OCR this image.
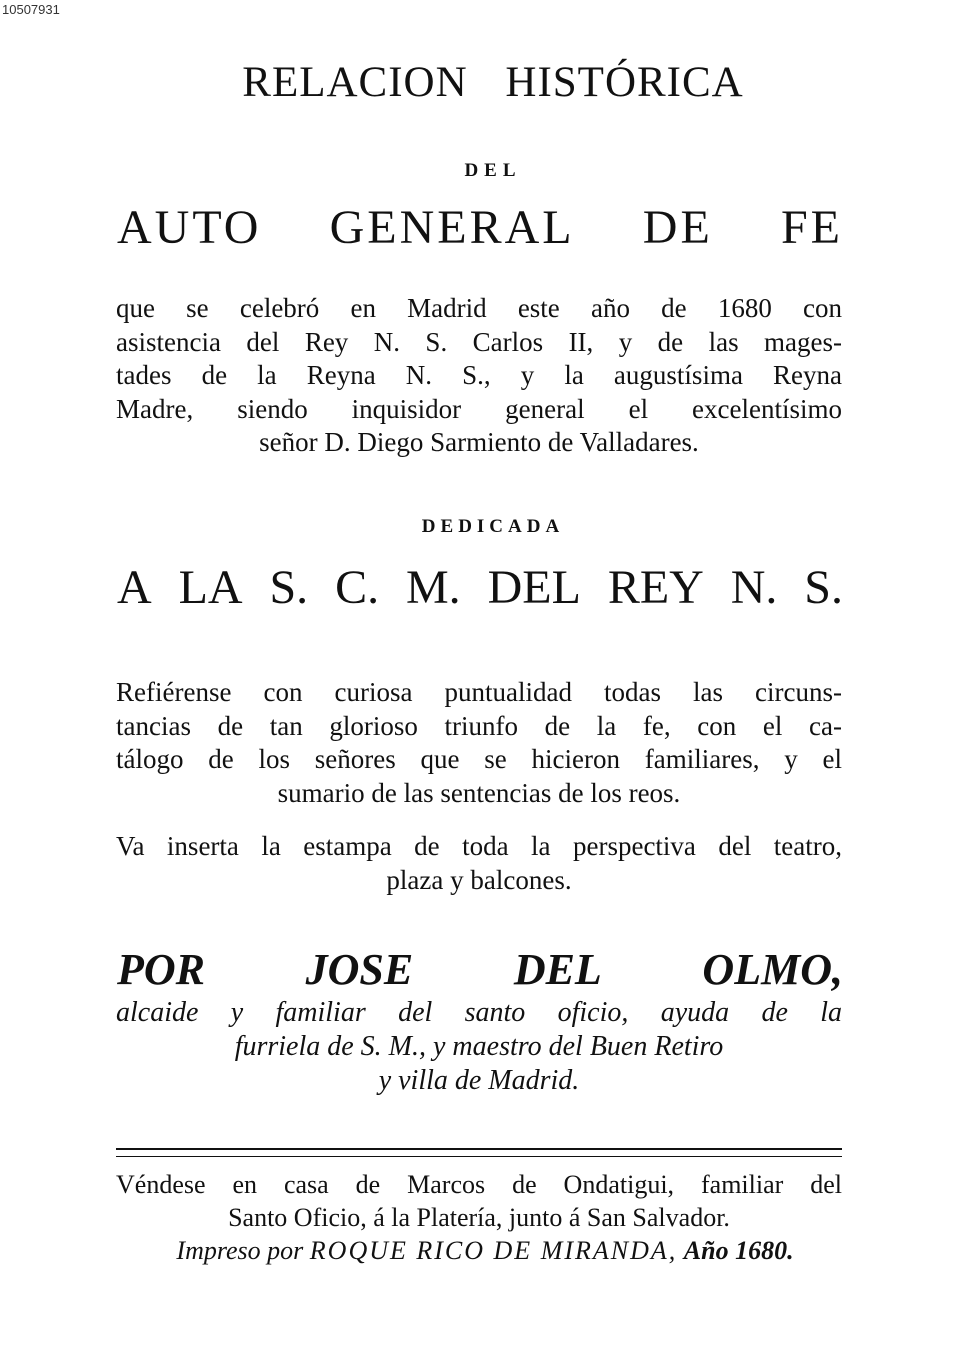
10507931
RELACION HISTÓRICA
DEL
AUTO GENERAL DE FE
que se celebró en Madrid este año de 1680 con
asistencia del Rey N. S. Carlos II, y de las mages-
tades de la Reyna N. S., y la augustísima Reyna
Madre, siendo inquisidor general el excelentísimo
señor D. Diego Sarmiento de Valladares.
DEDICADA
A LA S. C. M. DEL REY N. S.
Refiérense con curiosa puntualidad todas las circuns-
tancias de tan glorioso triunfo de la fe, con el ca-
tálogo de los señores que se hicieron familiares, y el
sumario de las sentencias de los reos.
Va inserta la estampa de toda la perspectiva del teatro,
plaza y balcones.
POR JOSE DEL OLMO,
alcaide y familiar del santo oficio, ayuda de la
furriela de S. M., y maestro del Buen Retiro
y villa de Madrid.
Véndese en casa de Marcos de Ondatigui, familiar del
Santo Oficio, á la Platería, junto á San Salvador.
Impreso por ROQUE RICO DE MIRANDA, Año 1680.
